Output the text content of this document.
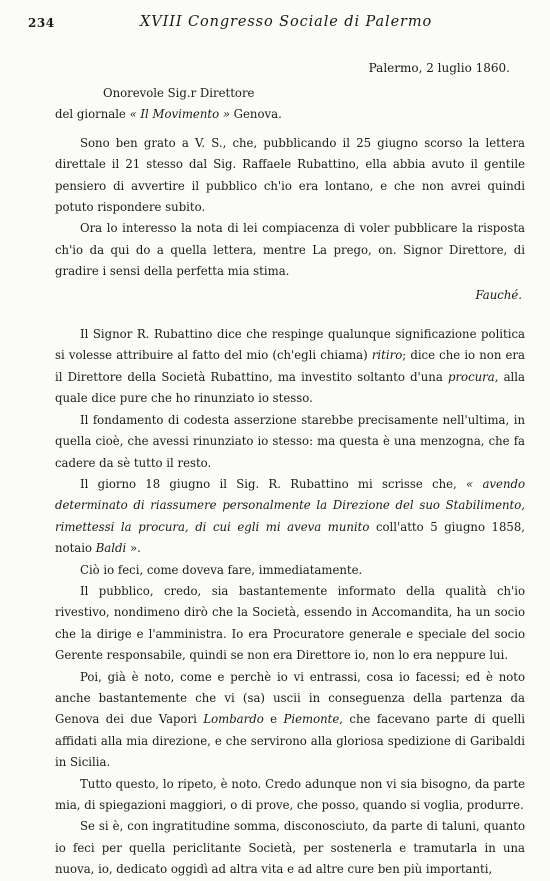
234	XVIII Congresso Sociale di Palermo
Palermo, 2 luglio 1860.

Onorevole Sig.r Direttore

del giornale « Il Movimento » Genova.

Sono ben grato a V. S., che, pubblicando il 25 giugno scorso la lettera direttale il 21 stesso dal Sig. Raffaele Rubattino, ella abbia avuto il gentile pensiero di avvertire il pubblico ch'io era lontano, e che non avrei quindi potuto rispondere subito.

Ora lo interesso la nota di lei compiacenza di voler pubblicare la risposta ch'io da qui do a quella lettera, mentre La prego, on. Signor Direttore, di gradire i sensi della perfetta mia stima.

Fauché.

Il Signor R. Rubattino dice che respinge qualunque significazione politica si volesse attribuire al fatto del mio (ch'egli chiama) ritiro; dice che io non era il Direttore della Società Rubattino, ma investito soltanto d'una procura, alla quale dice pure che ho rinunziato io stesso.

Il fondamento di codesta asserzione starebbe precisamente nell'ultima, in quella cioè, che avessi rinunziato io stesso: ma questa è una menzogna, che fa cadere da sè tutto il resto.

Il giorno 18 giugno il Sig. R. Rubattino mi scrisse che, « avendo determinato di riassumere personalmente la Direzione del suo Stabilimento, rimettessi la procura, di cui egli mi aveva munito coll'atto 5 giugno 1858, notaio Baldi ».

Ciò io feci, come doveva fare, immediatamente.

Il pubblico, credo, sia bastantemente informato della qualità ch'io rivestivo, nondimeno dirò che la Società, essendo in Accomandita, ha un socio che la dirige e l'amministra. Io era Procuratore generale e speciale del socio Gerente responsabile, quindi se non era Direttore io, non lo era neppure lui.

Poi, già è noto, come e perchè io vi entrassi, cosa io facessi; ed è noto anche bastantemente che vi (sa) uscii in conseguenza della partenza da Genova dei due Vapori Lombardo e Piemonte, che facevano parte di quelli affidati alla mia direzione, e che servirono alla gloriosa spedizione di Garibaldi in Sicilia.

Tutto questo, lo ripeto, è noto. Credo adunque non vi sia bisogno, da parte mia, di spiegazioni maggiori, o di prove, che posso, quando si voglia, produrre.

Se si è, con ingratitudine somma, disconosciuto, da parte di taluni, quanto io feci per quella periclitante Società, per sostenerla e tramutarla in una nuova, io, dedicato oggidì ad altra vita e ad altre cure ben più importanti,
